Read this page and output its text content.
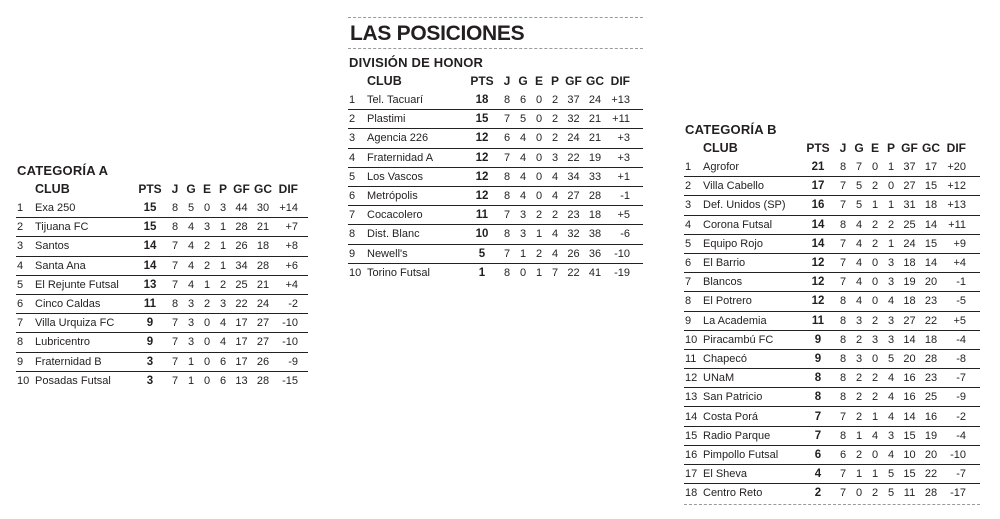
CATEGORÍA A
CLUB	PTS J G E P GF GC DIF
1	Exa 250	15	8 5 0 3 44 30 +14
2	Tijuana FC	15	8 4 3 1 28 21	+7
3	Santos	14	7 4 2 1 26 18	+8
4	Santa Ana	14	7 4 2 1 34 28	+6
5	El Rejunte Futsal	13	7 4 1 2 25 21	+4
6	Cinco Caldas	11	8 3 2 3 22 24	-2
7	Villa Urquiza FC	9	7 3 0 4 17 27	-10
8	Lubricentro	9	7 3 0 4 17 27	-10
9	Fraternidad B	3	7 1 0 6 17 26	-9
10 Posadas Futsal	3	7 1 0 6 13 28	-15
LAS POSICIONES
DIVISIÓN DE HONOR
CLUB	PTS J G E P GF GC DIF
1	Tel. Tacuarí	18	8 6 0 2 37 24 +13
2	Plastimi	15	7 5 0 2 32 21	+11
3	Agencia 226	12	6 4 0 2 24 21	+3
4	Fraternidad A	12	7 4 0 3 22 19	+3
5	Los Vascos	12	8 4 0 4 34 33	+1
6	Metrópolis	12	8 4 0 4 27 28	-1
7	Cocacolero	11	7 3 2 2 23 18	+5
8	Dist. Blanc	10	8 3 1 4 32 38	-6
9	Newell's	5	7 1 2 4 26 36	-10
10 Torino Futsal	1	8 0 1 7 22 41	-19
CATEGORÍA B
CLUB	PTS J G E P GF GC DIF
1	Agrofor	21	8 7 0 1 37 17 +20
2	Villa Cabello	17	7 5 2 0 27 15 +12
3	Def. Unidos (SP)	16	7 5 1 1 31 18 +13
4	Corona Futsal	14	8 4 2 2 25 14	+11
5	Equipo Rojo	14	7 4 2 1 24 15	+9
6	El Barrio	12	7 4 0 3 18 14	+4
7	Blancos	12	7 4 0 3 19 20	-1
8	El Potrero	12	8 4 0 4 18 23	-5
9	La Academia	11	8 3 2 3 27 22	+5
10 Piracambú FC	9	8 2 3 3 14 18	-4
11 Chapecó	9	8 3 0 5 20 28	-8
12 UNaM	8	8 2 2 4 16 23	-7
13 San Patricio	8	8 2 2 4 16 25	-9
14 Costa Porá	7	7 2 1 4 14 16	-2
15 Radio Parque	7	8 1 4 3 15 19	-4
16 Pimpollo Futsal	6	6 2 0 4 10 20	-10
17 El Sheva	4	7 1 1 5 15 22	-7
18 Centro Reto	2	7 0 2 5 11 28	-17
